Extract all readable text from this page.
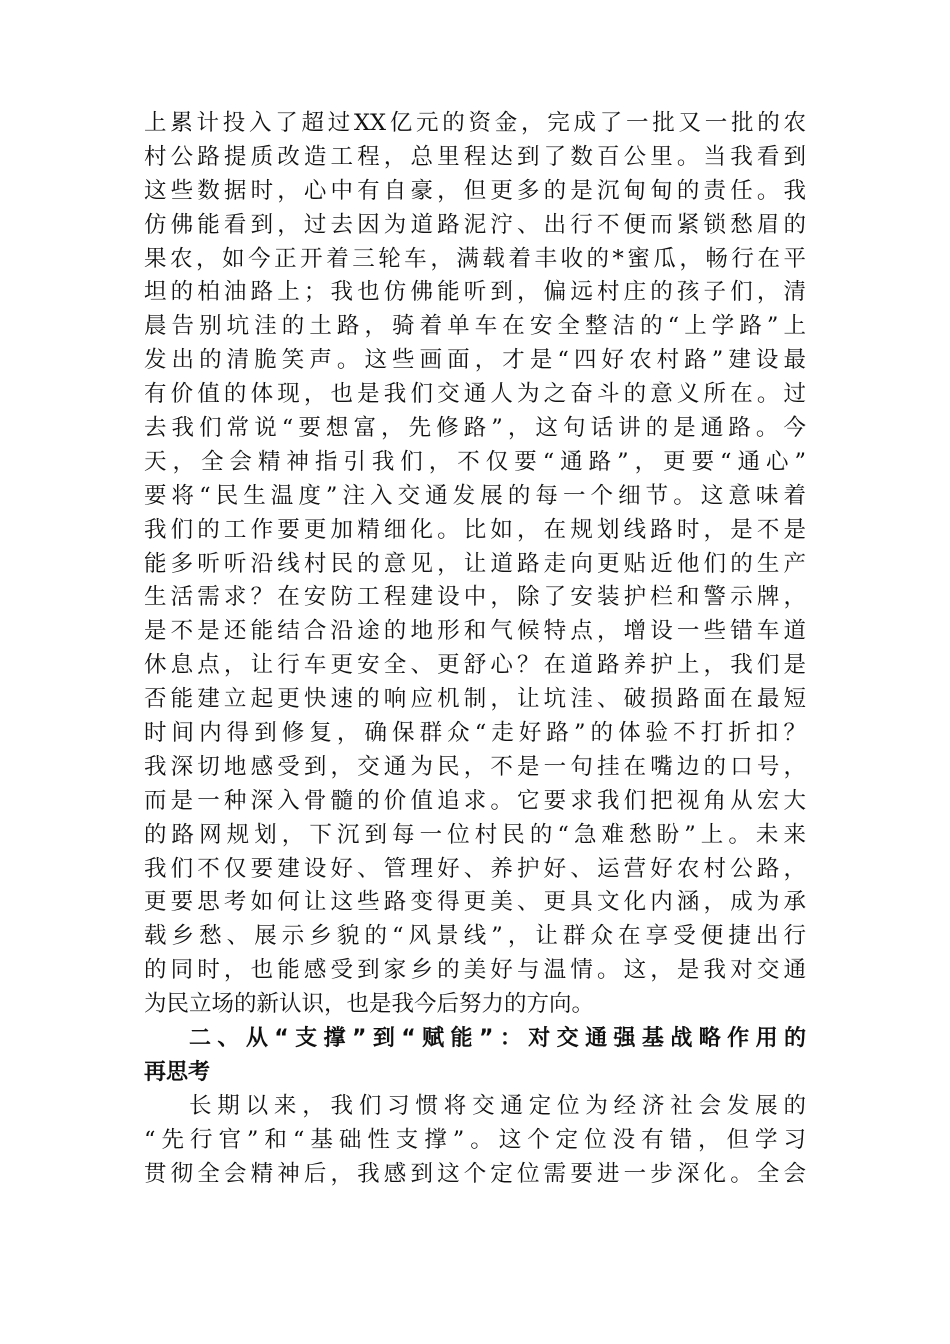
上累计投入了超过XX亿元的资金，完成了一批又一批的农
村公路提质改造工程，总里程达到了数百公里。当我看到
这些数据时，心中有自豪，但更多的是沉甸甸的责任。我
仿佛能看到，过去因为道路泥泞、出行不便而紧锁愁眉的
果农，如今正开着三轮车，满载着丰收的*蜜瓜，畅行在平
坦的柏油路上；我也仿佛能听到，偏远村庄的孩子们，清
晨告别坑洼的土路，骑着单车在安全整洁的“上学路”上
发出的清脆笑声。这些画面，才是“四好农村路”建设最
有价值的体现，也是我们交通人为之奋斗的意义所在。过
去我们常说“要想富，先修路”，这句话讲的是通路。今
天，全会精神指引我们，不仅要“通路”，更要“通心”
要将“民生温度”注入交通发展的每一个细节。这意味着
我们的工作要更加精细化。比如，在规划线路时，是不是
能多听听沿线村民的意见，让道路走向更贴近他们的生产
生活需求？在安防工程建设中，除了安装护栏和警示牌，
是不是还能结合沿途的地形和气候特点，增设一些错车道
休息点，让行车更安全、更舒心？在道路养护上，我们是
否能建立起更快速的响应机制，让坑洼、破损路面在最短
时间内得到修复，确保群众“走好路”的体验不打折扣？
我深切地感受到，交通为民，不是一句挂在嘴边的口号，
而是一种深入骨髓的价值追求。它要求我们把视角从宏大
的路网规划，下沉到每一位村民的“急难愁盼”上。未来
我们不仅要建设好、管理好、养护好、运营好农村公路，
更要思考如何让这些路变得更美、更具文化内涵，成为承
载乡愁、展示乡貌的“风景线”，让群众在享受便捷出行
的同时，也能感受到家乡的美好与温情。这，是我对交通
为民立场的新认识，也是我今后努力的方向。
二、从“支撑”到“赋能”：对交通强基战略作用的
再思考
长期以来，我们习惯将交通定位为经济社会发展的
“先行官”和“基础性支撑”。这个定位没有错，但学习
贯彻全会精神后，我感到这个定位需要进一步深化。全会
